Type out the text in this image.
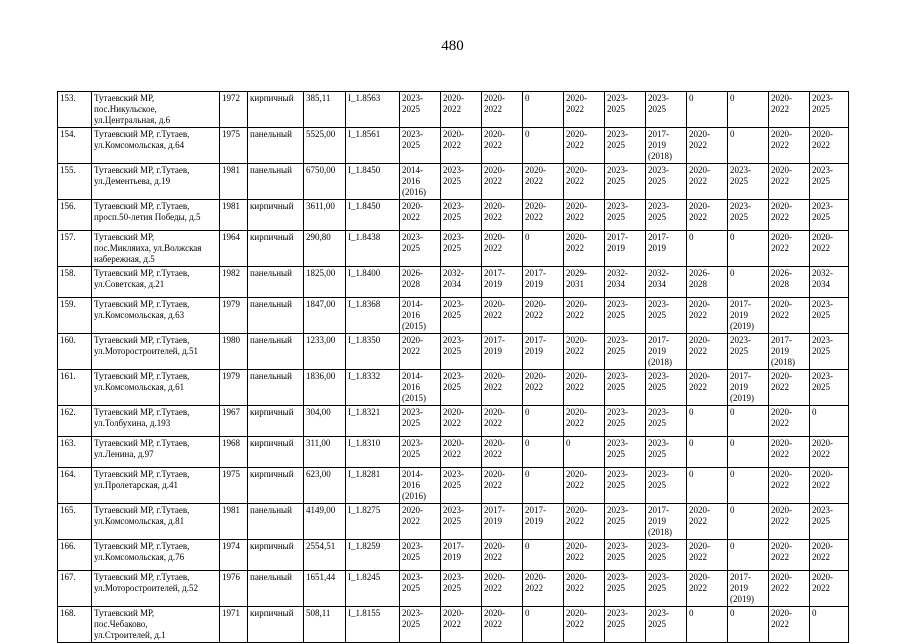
480
153.	Тутаевский МР,
пос.Никульское,
ул.Центральная, д.6	1972	кирпичный	385,11	I_1.8563	2023-
2025	2020-
2022	2020-
2022	0	2020-
2022	2023-
2025	2023-
2025	0	0	2020-
2022	2023-
2025
154.	Тутаевский МР, г.Тутаев,
ул.Комсомольская, д.64	1975	панельный	5525,00	I_1.8561	2023-
2025	2020-
2022	2020-
2022	0	2020-
2022	2023-
2025	2017-
2019
(2018)	2020-
2022	0	2020-
2022	2020-
2022
155.	Тутаевский МР, г.Тутаев,
ул.Дементьева, д.19	1981	панельный	6750,00	I_1.8450	2014-
2016
(2016)	2023-
2025	2020-
2022	2020-
2022	2020-
2022	2023-
2025	2023-
2025	2020-
2022	2023-
2025	2020-
2022	2023-
2025
156.	Тутаевский МР, г.Тутаев,
просп.50-летия Победы, д.5	1981	кирпичный	3611,00	I_1.8450	2020-
2022	2023-
2025	2020-
2022	2020-
2022	2020-
2022	2023-
2025	2023-
2025	2020-
2022	2023-
2025	2020-
2022	2023-
2025
157.	Тутаевский МР,
пос.Микляиха, ул.Волжская
набережная, д.5	1964	кирпичный	290,80	I_1.8438	2023-
2025	2023-
2025	2020-
2022	0	2020-
2022	2017-
2019	2017-
2019	0	0	2020-
2022	2020-
2022
158.	Тутаевский МР, г.Тутаев,
ул.Советская, д.21	1982	панельный	1825,00	I_1.8400	2026-
2028	2032-
2034	2017-
2019	2017-
2019	2029-
2031	2032-
2034	2032-
2034	2026-
2028	0	2026-
2028	2032-
2034
159.	Тутаевский МР, г.Тутаев,
ул.Комсомольская, д.63	1979	панельный	1847,00	I_1.8368	2014-
2016
(2015)	2023-
2025	2020-
2022	2020-
2022	2020-
2022	2023-
2025	2023-
2025	2020-
2022	2017-
2019
(2019)	2020-
2022	2023-
2025
160.	Тутаевский МР, г.Тутаев,
ул.Моторостроителей, д.51	1980	панельный	1233,00	I_1.8350	2020-
2022	2023-
2025	2017-
2019	2017-
2019	2020-
2022	2023-
2025	2017-
2019
(2018)	2020-
2022	2023-
2025	2017-
2019
(2018)	2023-
2025
161.	Тутаевский МР, г.Тутаев,
ул.Комсомольская, д.61	1979	панельный	1836,00	I_1.8332	2014-
2016
(2015)	2023-
2025	2020-
2022	2020-
2022	2020-
2022	2023-
2025	2023-
2025	2020-
2022	2017-
2019
(2019)	2020-
2022	2023-
2025
162.	Тутаевский МР, г.Тутаев,
ул.Толбухина, д.193	1967	кирпичный	304,00	I_1.8321	2023-
2025	2020-
2022	2020-
2022	0	2020-
2022	2023-
2025	2023-
2025	0	0	2020-
2022	0
163.	Тутаевский МР, г.Тутаев,
ул.Ленина, д.97	1968	кирпичный	311,00	I_1.8310	2023-
2025	2020-
2022	2020-
2022	0	0	2023-
2025	2023-
2025	0	0	2020-
2022	2020-
2022
164.	Тутаевский МР, г.Тутаев,
ул.Пролетарская, д.41	1975	кирпичный	623,00	I_1.8281	2014-
2016
(2016)	2023-
2025	2020-
2022	0	2020-
2022	2023-
2025	2023-
2025	0	0	2020-
2022	2020-
2022
165.	Тутаевский МР, г.Тутаев,
ул.Комсомольская, д.81	1981	панельный	4149,00	I_1.8275	2020-
2022	2023-
2025	2017-
2019	2017-
2019	2020-
2022	2023-
2025	2017-
2019
(2018)	2020-
2022	0	2020-
2022	2023-
2025
166.	Тутаевский МР, г.Тутаев,
ул.Комсомольская, д.76	1974	кирпичный	2554,51	I_1.8259	2023-
2025	2017-
2019	2020-
2022	0	2020-
2022	2023-
2025	2023-
2025	2020-
2022	0	2020-
2022	2020-
2022
167.	Тутаевский МР, г.Тутаев,
ул.Моторостроителей, д.52	1976	панельный	1651,44	I_1.8245	2023-
2025	2023-
2025	2020-
2022	2020-
2022	2020-
2022	2023-
2025	2023-
2025	2020-
2022	2017-
2019
(2019)	2020-
2022	2020-
2022
168.	Тутаевский МР,
пос.Чебаково,
ул.Строителей, д.1	1971	кирпичный	508,11	I_1.8155	2023-
2025	2020-
2022	2020-
2022	0	2020-
2022	2023-
2025	2023-
2025	0	0	2020-
2022	0
